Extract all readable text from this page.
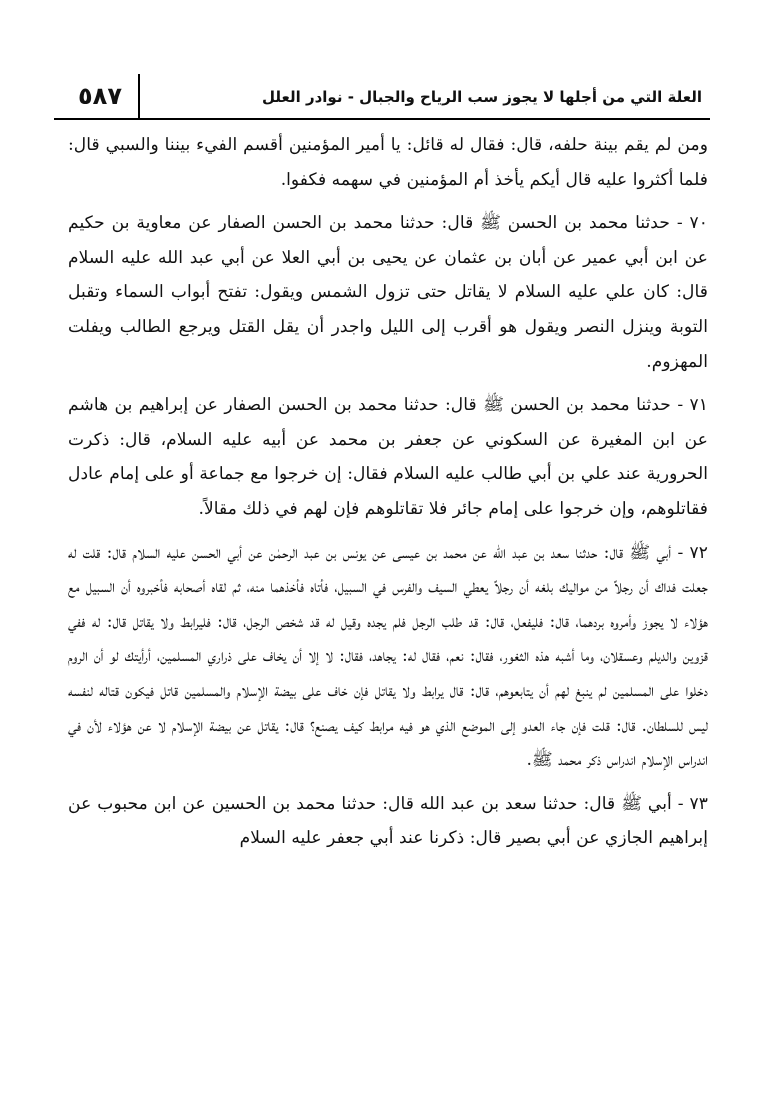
٥٨٧	العلة التي من أجلها لا يجوز سب الرياح والجبال - نوادر العلل

ومن لم يقم بينة حلفه، قال: فقال له قائل: يا أمير المؤمنين أقسم الفيء بيننا والسبي قال: فلما أكثروا عليه قال أيكم يأخذ أم المؤمنين في سهمه فكفوا.

٧٠ - حدثنا محمد بن الحسن ﷺ قال: حدثنا محمد بن الحسن الصفار عن معاوية بن حكيم عن ابن أبي عمير عن أبان بن عثمان عن يحيى بن أبي العلا عن أبي عبد الله عليه السلام قال: كان علي عليه السلام لا يقاتل حتى تزول الشمس ويقول: تفتح أبواب السماء وتقبل التوبة وينزل النصر ويقول هو أقرب إلى الليل واجدر أن يقل القتل ويرجع الطالب ويفلت المهزوم.

٧١ - حدثنا محمد بن الحسن ﷺ قال: حدثنا محمد بن الحسن الصفار عن إبراهيم بن هاشم عن ابن المغيرة عن السكوني عن جعفر بن محمد عن أبيه عليه السلام، قال: ذكرت الحرورية عند علي بن أبي طالب عليه السلام فقال: إن خرجوا مع جماعة أو على إمام عادل فقاتلوهم، وإن خرجوا على إمام جائر فلا تقاتلوهم فإن لهم في ذلك مقالاً.

٧٢ - أبي ﷺ قال: حدثنا سعد بن عبد الله عن محمد بن عيسى عن يونس بن عبد الرحمٰن عن أبي الحسن عليه السلام قال: قلت له جعلت فداك أن رجلاً من مواليك بلغه أن رجلاً يعطي السيف والفرس في السبيل، فأتاه فأخذهما منه، ثم لقاه أصحابه فأخبروه أن السبيل مع هؤلاء لا يجوز وأمروه بردهما، قال: فليفعل، قال: قد طلب الرجل فلم يجده وقيل له قد شخص الرجل، قال: فليرابط ولا يقاتل قال: له ففي قزوين والديلم وعسقلان، وما أشبه هذه الثغور، فقال: نعم، فقال له: يجاهد، فقال: لا إلا أن يخاف على ذراري المسلمين، أرأيتك لو أن الروم دخلوا على المسلمين لم ينبغ لهم أن يتابعوهم، قال: قال يرابط ولا يقاتل فإن خاف على بيضة الإسلام والمسلمين قاتل فيكون قتاله لنفسه ليس للسلطان. قال: قلت فإن جاء العدو إلى الموضع الذي هو فيه مرابط كيف يصنع؟ قال: يقاتل عن بيضة الإسلام لا عن هؤلاء لأن في اندراس الإسلام اندراس ذكر محمد ﷺ.

٧٣ - أبي ﷺ قال: حدثنا سعد بن عبد الله قال: حدثنا محمد بن الحسين عن ابن محبوب عن إبراهيم الجازي عن أبي بصير قال: ذكرنا عند أبي جعفر عليه السلام
